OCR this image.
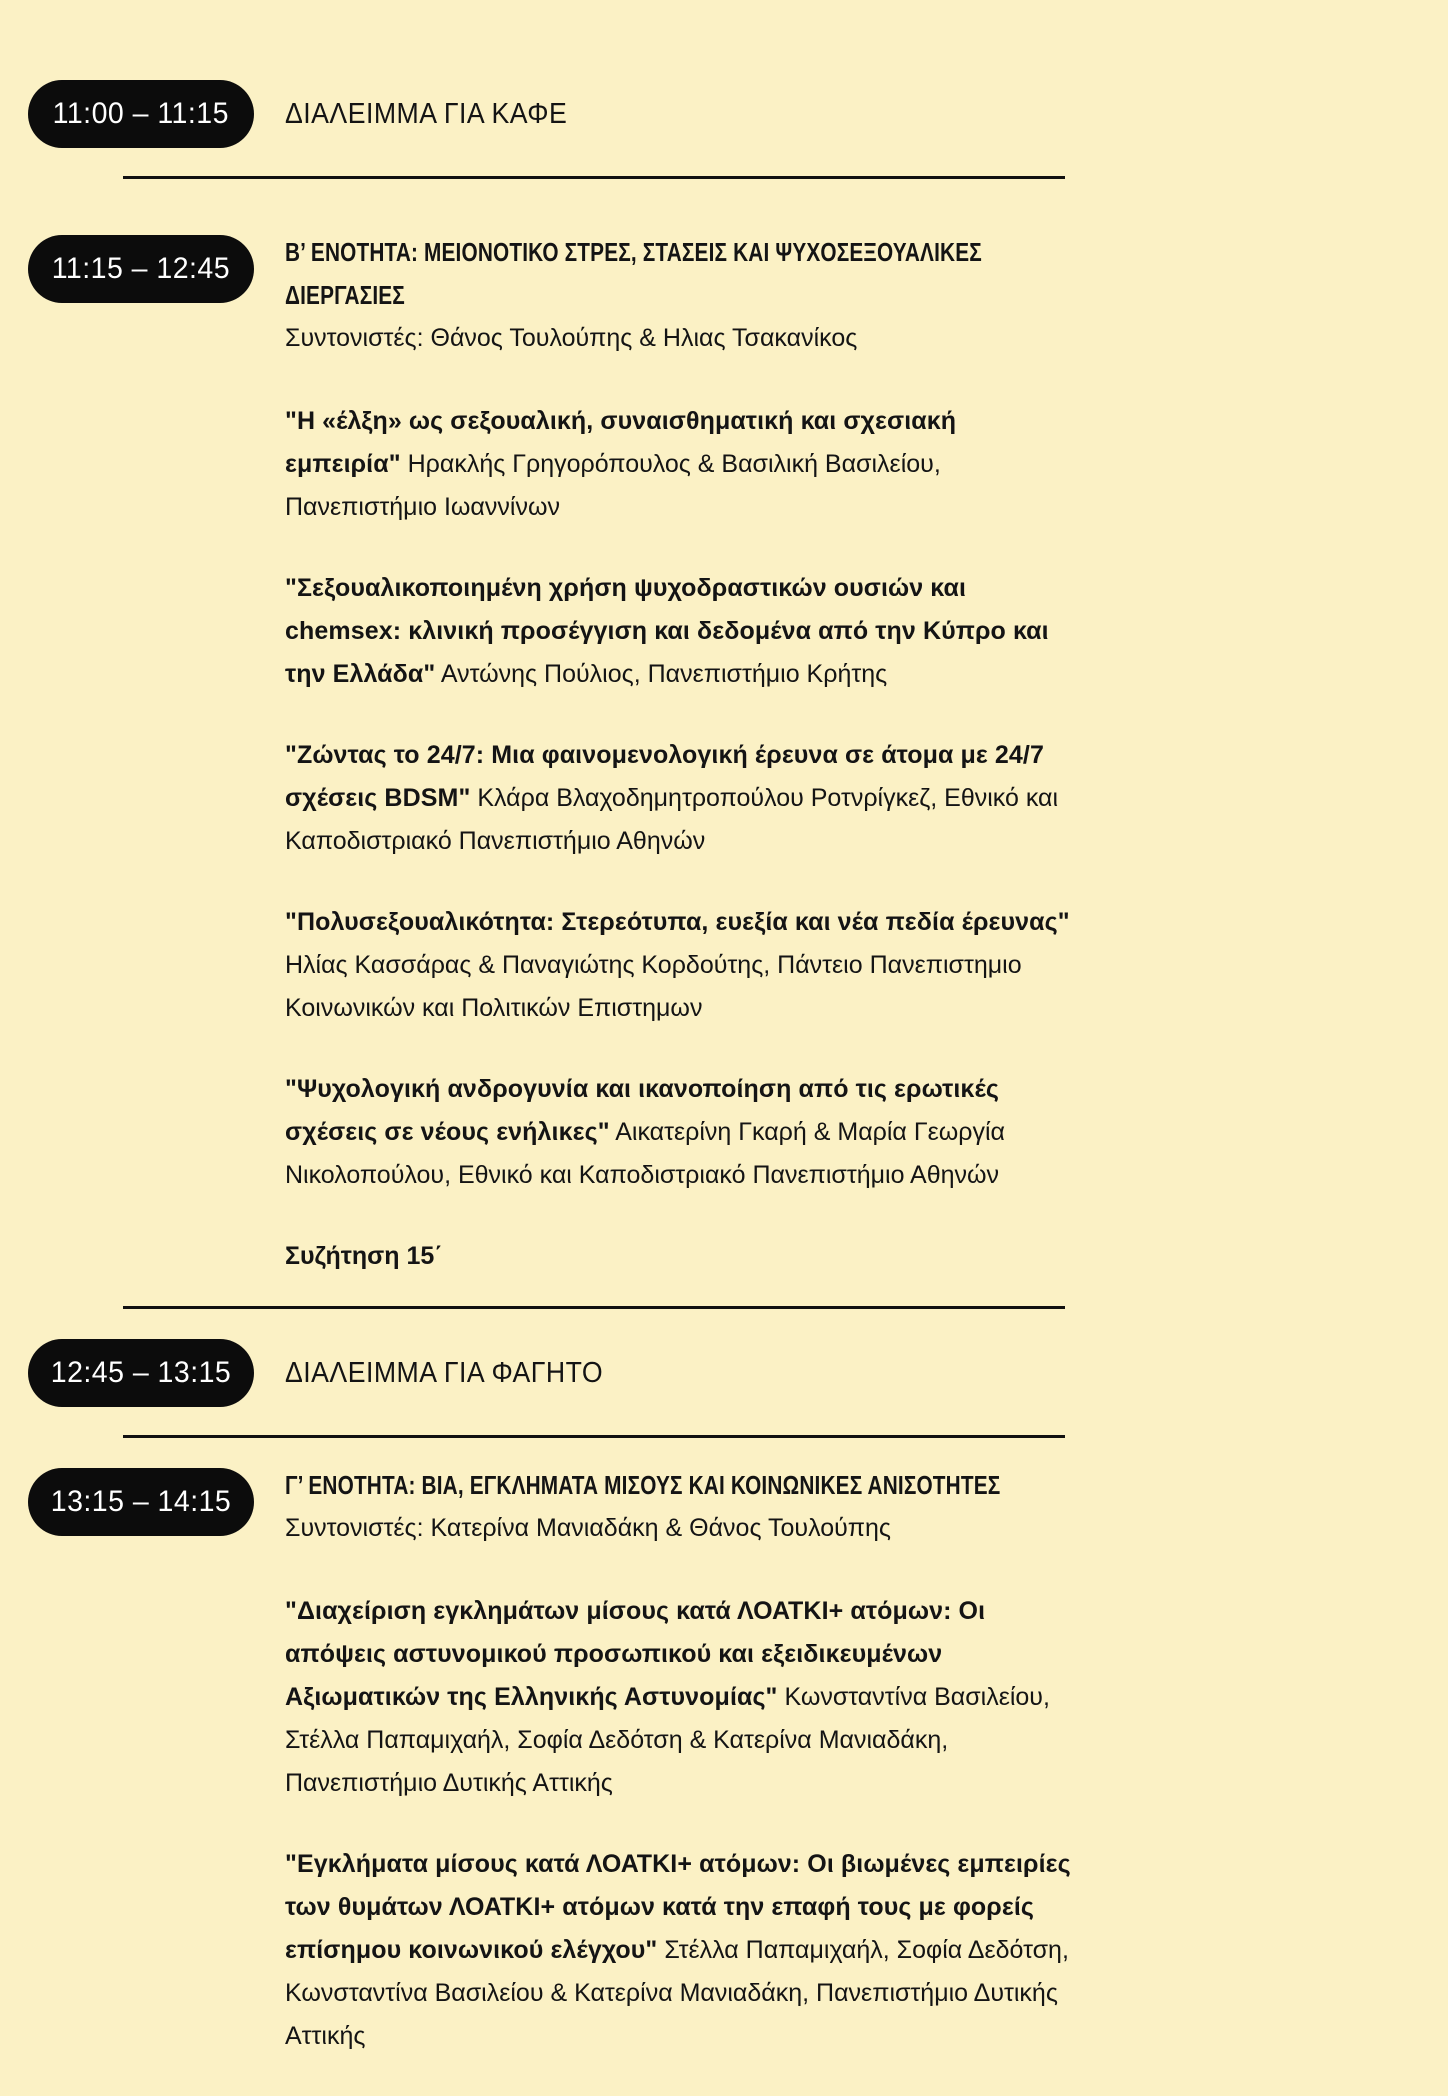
11:00 – 11:15 ΔΙΑΛΕΙΜΜΑ ΓΙΑ ΚΑΦΕ
11:15 – 12:45 Β’ ΕΝΟΤΗΤΑ: ΜΕΙΟΝΟΤΙΚΟ ΣΤΡΕΣ, ΣΤΑΣΕΙΣ ΚΑΙ ΨΥΧΟΣΕΞΟΥΑΛΙΚΕΣ ΔΙΕΡΓΑΣΙΕΣ

Συντονιστές: Θάνος Τουλούπης & Ηλιας Τσακανίκος

"Η «έλξη» ως σεξουαλική, συναισθηματική και σχεσιακή εμπειρία" Ηρακλής Γρηγορόπουλος & Βασιλική Βασιλείου, Πανεπιστήμιο Ιωαννίνων

"Σεξουαλικοποιημένη χρήση ψυχοδραστικών ουσιών και chemsex: κλινική προσέγγιση και δεδομένα από την Κύπρο και την Ελλάδα" Αντώνης Πούλιος, Πανεπιστήμιο Κρήτης

"Ζώντας το 24/7: Μια φαινομενολογική έρευνα σε άτομα με 24/7 σχέσεις BDSM" Κλάρα Βλαχοδημητροπούλου Ροτνρίγκεζ, Εθνικό και Καποδιστριακό Πανεπιστήμιο Αθηνών

"Πολυσεξουαλικότητα: Στερεότυπα, ευεξία και νέα πεδία έρευνας" Ηλίας Κασσάρας & Παναγιώτης Κορδούτης, Πάντειο Πανεπιστημιο Κοινωνικών και Πολιτικών Επιστημων

"Ψυχολογική ανδρογυνία και ικανοποίηση από τις ερωτικές σχέσεις σε νέους ενήλικες" Αικατερίνη Γκαρή & Μαρία Γεωργία Νικολοπούλου, Εθνικό και Καποδιστριακό Πανεπιστήμιο Αθηνών

Συζήτηση 15΄

12:45 – 13:15 ΔΙΑΛΕΙΜΜΑ ΓΙΑ ΦΑΓΗΤΟ
13:15 – 14:15 Γ’ ΕΝΟΤΗΤΑ: ΒΙΑ, ΕΓΚΛΗΜΑΤΑ ΜΙΣΟΥΣ ΚΑΙ ΚΟΙΝΩΝΙΚΕΣ ΑΝΙΣΟΤΗΤΕΣ

Συντονιστές: Κατερίνα Μανιαδάκη & Θάνος Τουλούπης

"Διαχείριση εγκλημάτων μίσους κατά ΛΟΑΤΚΙ+ ατόμων: Οι απόψεις αστυνομικού προσωπικού και εξειδικευμένων Αξιωματικών της Ελληνικής Αστυνομίας" Κωνσταντίνα Βασιλείου, Στέλλα Παπαμιχαήλ, Σοφία Δεδότση & Κατερίνα Μανιαδάκη, Πανεπιστήμιο Δυτικής Αττικής

"Εγκλήματα μίσους κατά ΛΟΑΤΚΙ+ ατόμων: Οι βιωμένες εμπειρίες των θυμάτων ΛΟΑΤΚΙ+ ατόμων κατά την επαφή τους με φορείς επίσημου κοινωνικού ελέγχου" Στέλλα Παπαμιχαήλ, Σοφία Δεδότση, Κωνσταντίνα Βασιλείου & Κατερίνα Μανιαδάκη, Πανεπιστήμιο Δυτικής Αττικής
